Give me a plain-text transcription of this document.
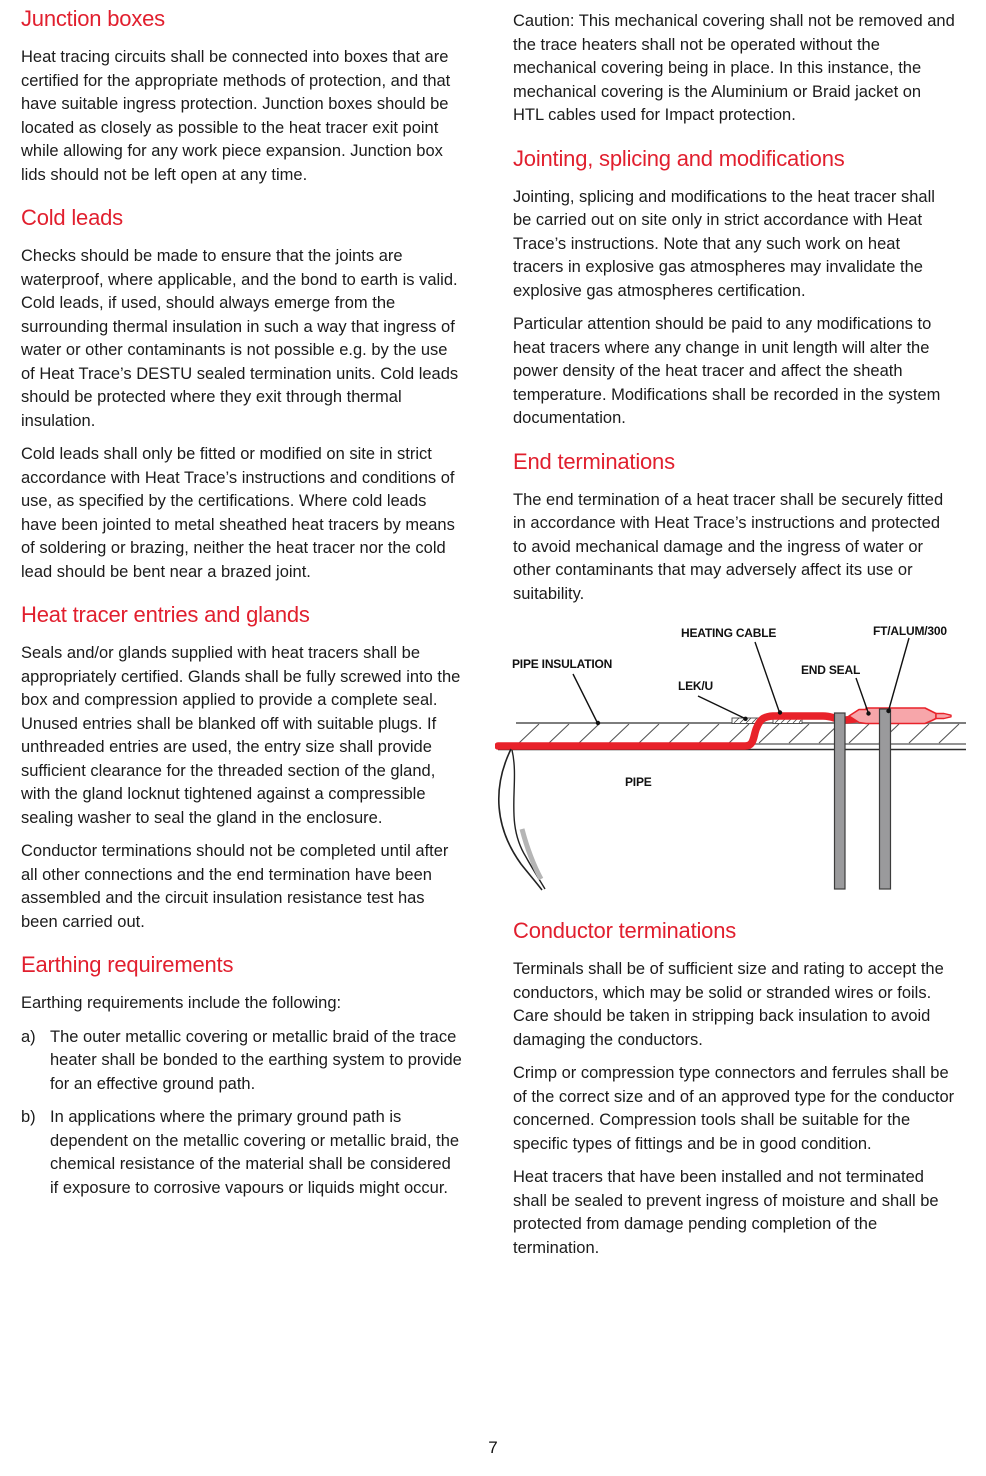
Junction boxes

Heat tracing circuits shall be connected into boxes that are certified for the appropriate methods of protection, and that have suitable ingress protection. Junction boxes should be located as closely as possible to the heat tracer exit point while allowing for any work piece expansion. Junction box lids should not be left open at any time.

Cold leads

Checks should be made to ensure that the joints are waterproof, where applicable, and the bond to earth is valid. Cold leads, if used, should always emerge from the surrounding thermal insulation in such a way that ingress of water or other contaminants is not possible e.g. by the use of Heat Trace’s DESTU sealed termination units. Cold leads should be protected where they exit through thermal insulation.

Cold leads shall only be fitted or modified on site in strict accordance with Heat Trace’s instructions and conditions of use, as specified by the certifications. Where cold leads have been jointed to metal sheathed heat tracers by means of soldering or brazing, neither the heat tracer nor the cold lead should be bent near a brazed joint.

Heat tracer entries and glands

Seals and/or glands supplied with heat tracers shall be appropriately certified. Glands shall be fully screwed into the box and compression applied to provide a complete seal. Unused entries shall be blanked off with suitable plugs. If unthreaded entries are used, the entry size shall provide sufficient clearance for the threaded section of the gland, with the gland locknut tightened against a compressible sealing washer to seal the gland in the enclosure.

Conductor terminations should not be completed until after all other connections and the end termination have been assembled and the circuit insulation resistance test has been carried out.

Earthing requirements

Earthing requirements include the following:

a) The outer metallic covering or metallic braid of the trace heater shall be bonded to the earthing system to provide for an effective ground path.
b) In applications where the primary ground path is dependent on the metallic covering or metallic braid, the chemical resistance of the material shall be considered if exposure to corrosive vapours or liquids might occur.

Caution: This mechanical covering shall not be removed and the trace heaters shall not be operated without the mechanical covering being in place. In this instance, the mechanical covering is the Aluminium or Braid jacket on HTL cables used for Impact protection.

Jointing, splicing and modifications

Jointing, splicing and modifications to the heat tracer shall be carried out on site only in strict accordance with Heat Trace’s instructions. Note that any such work on heat tracers in explosive gas atmospheres may invalidate the explosive gas atmospheres certification.

Particular attention should be paid to any modifications to heat tracers where any change in unit length will alter the power density of the heat tracer and affect the sheath temperature. Modifications shall be recorded in the system documentation.

End terminations

The end termination of a heat tracer shall be securely fitted in accordance with Heat Trace’s instructions and protected to avoid mechanical damage and the ingress of water or other contaminants that may adversely affect its use or suitability.

PIPE INSULATION
HEATING CABLE	FT/ALUM/300
END SEAL
LEK/U
PIPE
Conductor terminations

Terminals shall be of sufficient size and rating to accept the conductors, which may be solid or stranded wires or foils. Care should be taken in stripping back insulation to avoid damaging the conductors.

Crimp or compression type connectors and ferrules shall be of the correct size and of an approved type for the conductor concerned. Compression tools shall be suitable for the specific types of fittings and be in good condition.

Heat tracers that have been installed and not terminated shall be sealed to prevent ingress of moisture and shall be protected from damage pending completion of the termination.

7
